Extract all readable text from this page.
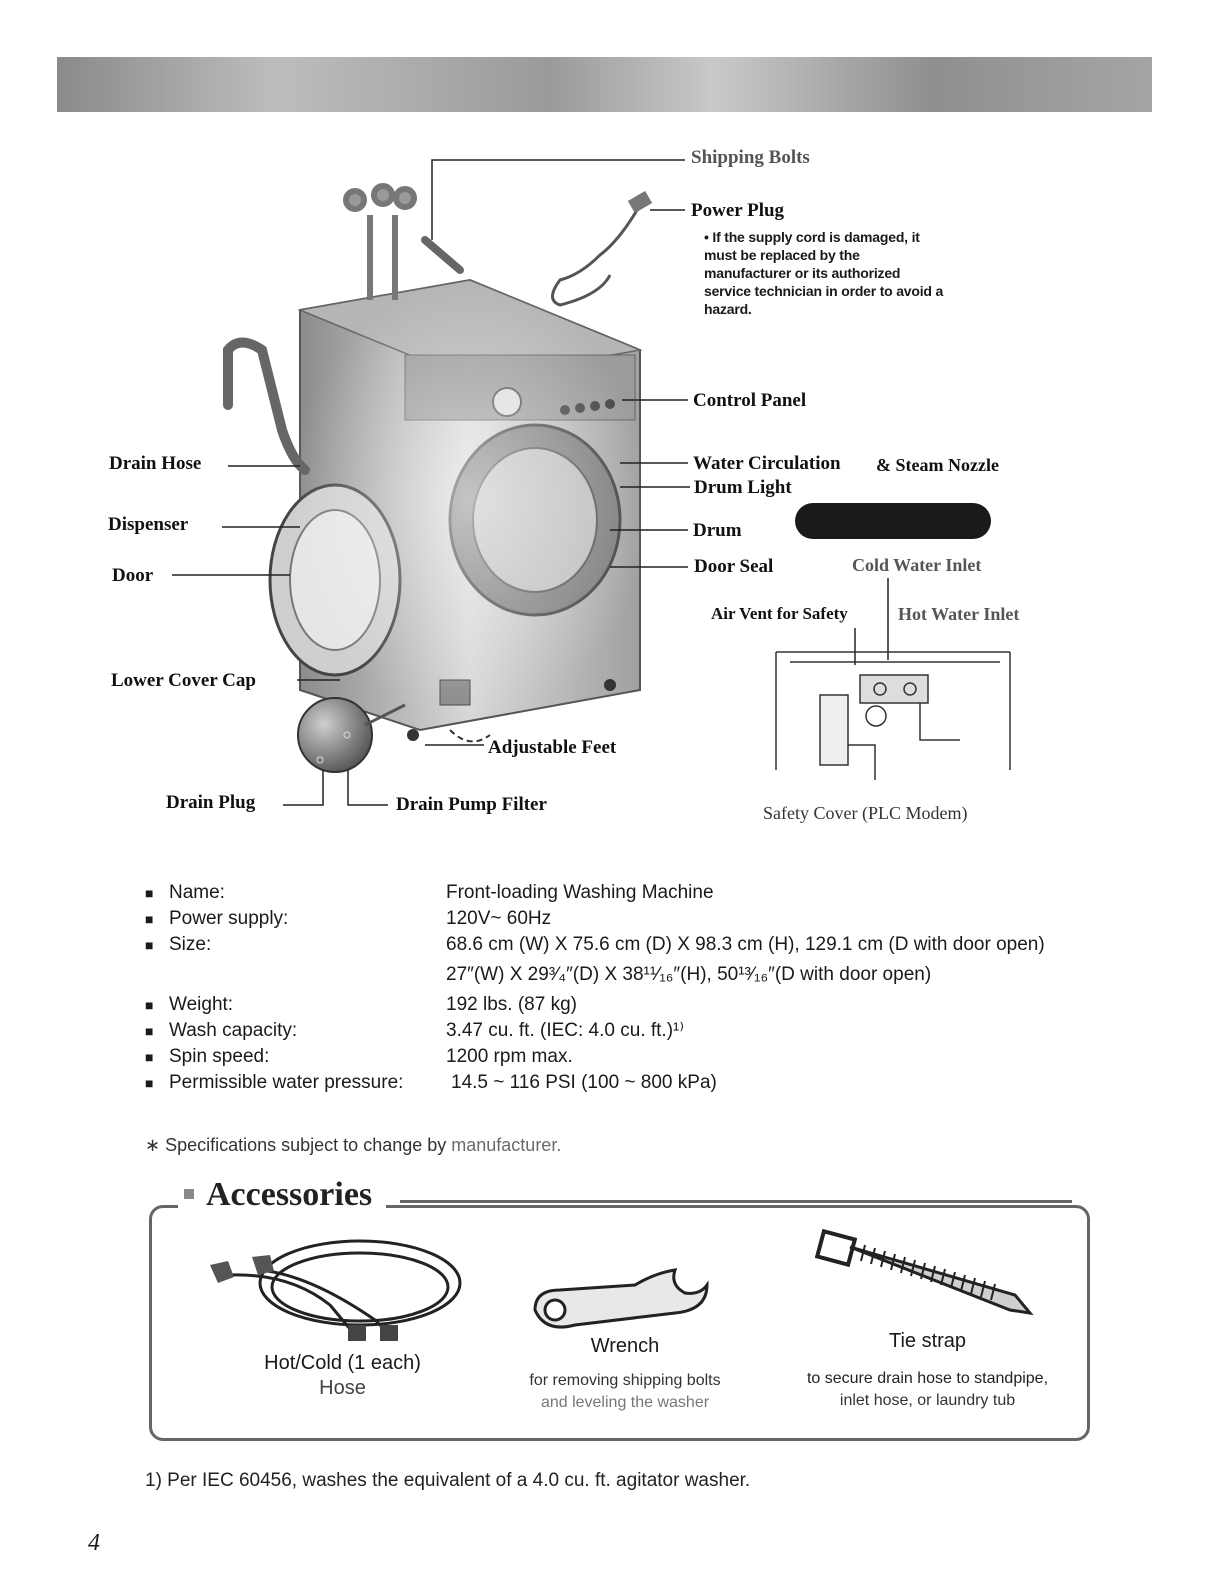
Shipping Bolts
Power Plug
• If the supply cord is damaged, it must be replaced by the manufacturer or its authorized service technician in order to avoid a hazard.
Control Panel
Water Circulation & Steam Nozzle
Drum Light
Drum
Door Seal	Cold Water Inlet
Air Vent for Safety	Hot Water Inlet
Safety Cover (PLC Modem)
Drain Hose
Dispenser
Door
Lower Cover Cap
Adjustable Feet
Drain Plug	Drain Pump Filter
■ Name:	Front-loading Washing Machine
■ Power supply:	120V~ 60Hz
■ Size:	68.6 cm (W) X 75.6 cm (D) X 98.3 cm (H), 129.1 cm (D with door open)
27″(W) X 29³⁄₄″(D) X 38¹¹⁄₁₆″(H), 50¹³⁄₁₆″(D with door open)
■ Weight:	192 lbs. (87 kg)
■ Wash capacity:	3.47 cu. ft. (IEC: 4.0 cu. ft.)¹⁾
■ Spin speed:	1200 rpm max.
■ Permissible water pressure:	14.5 ~ 116 PSI (100 ~ 800 kPa)
∗ Specifications subject to change by manufacturer.
Accessories
Hot/Cold (1 each)
Hose
Wrench
for removing shipping bolts
and leveling the washer
Tie strap
to secure drain hose to standpipe,
inlet hose, or laundry tub
1) Per IEC 60456, washes the equivalent of a 4.0 cu. ft. agitator washer.
4
